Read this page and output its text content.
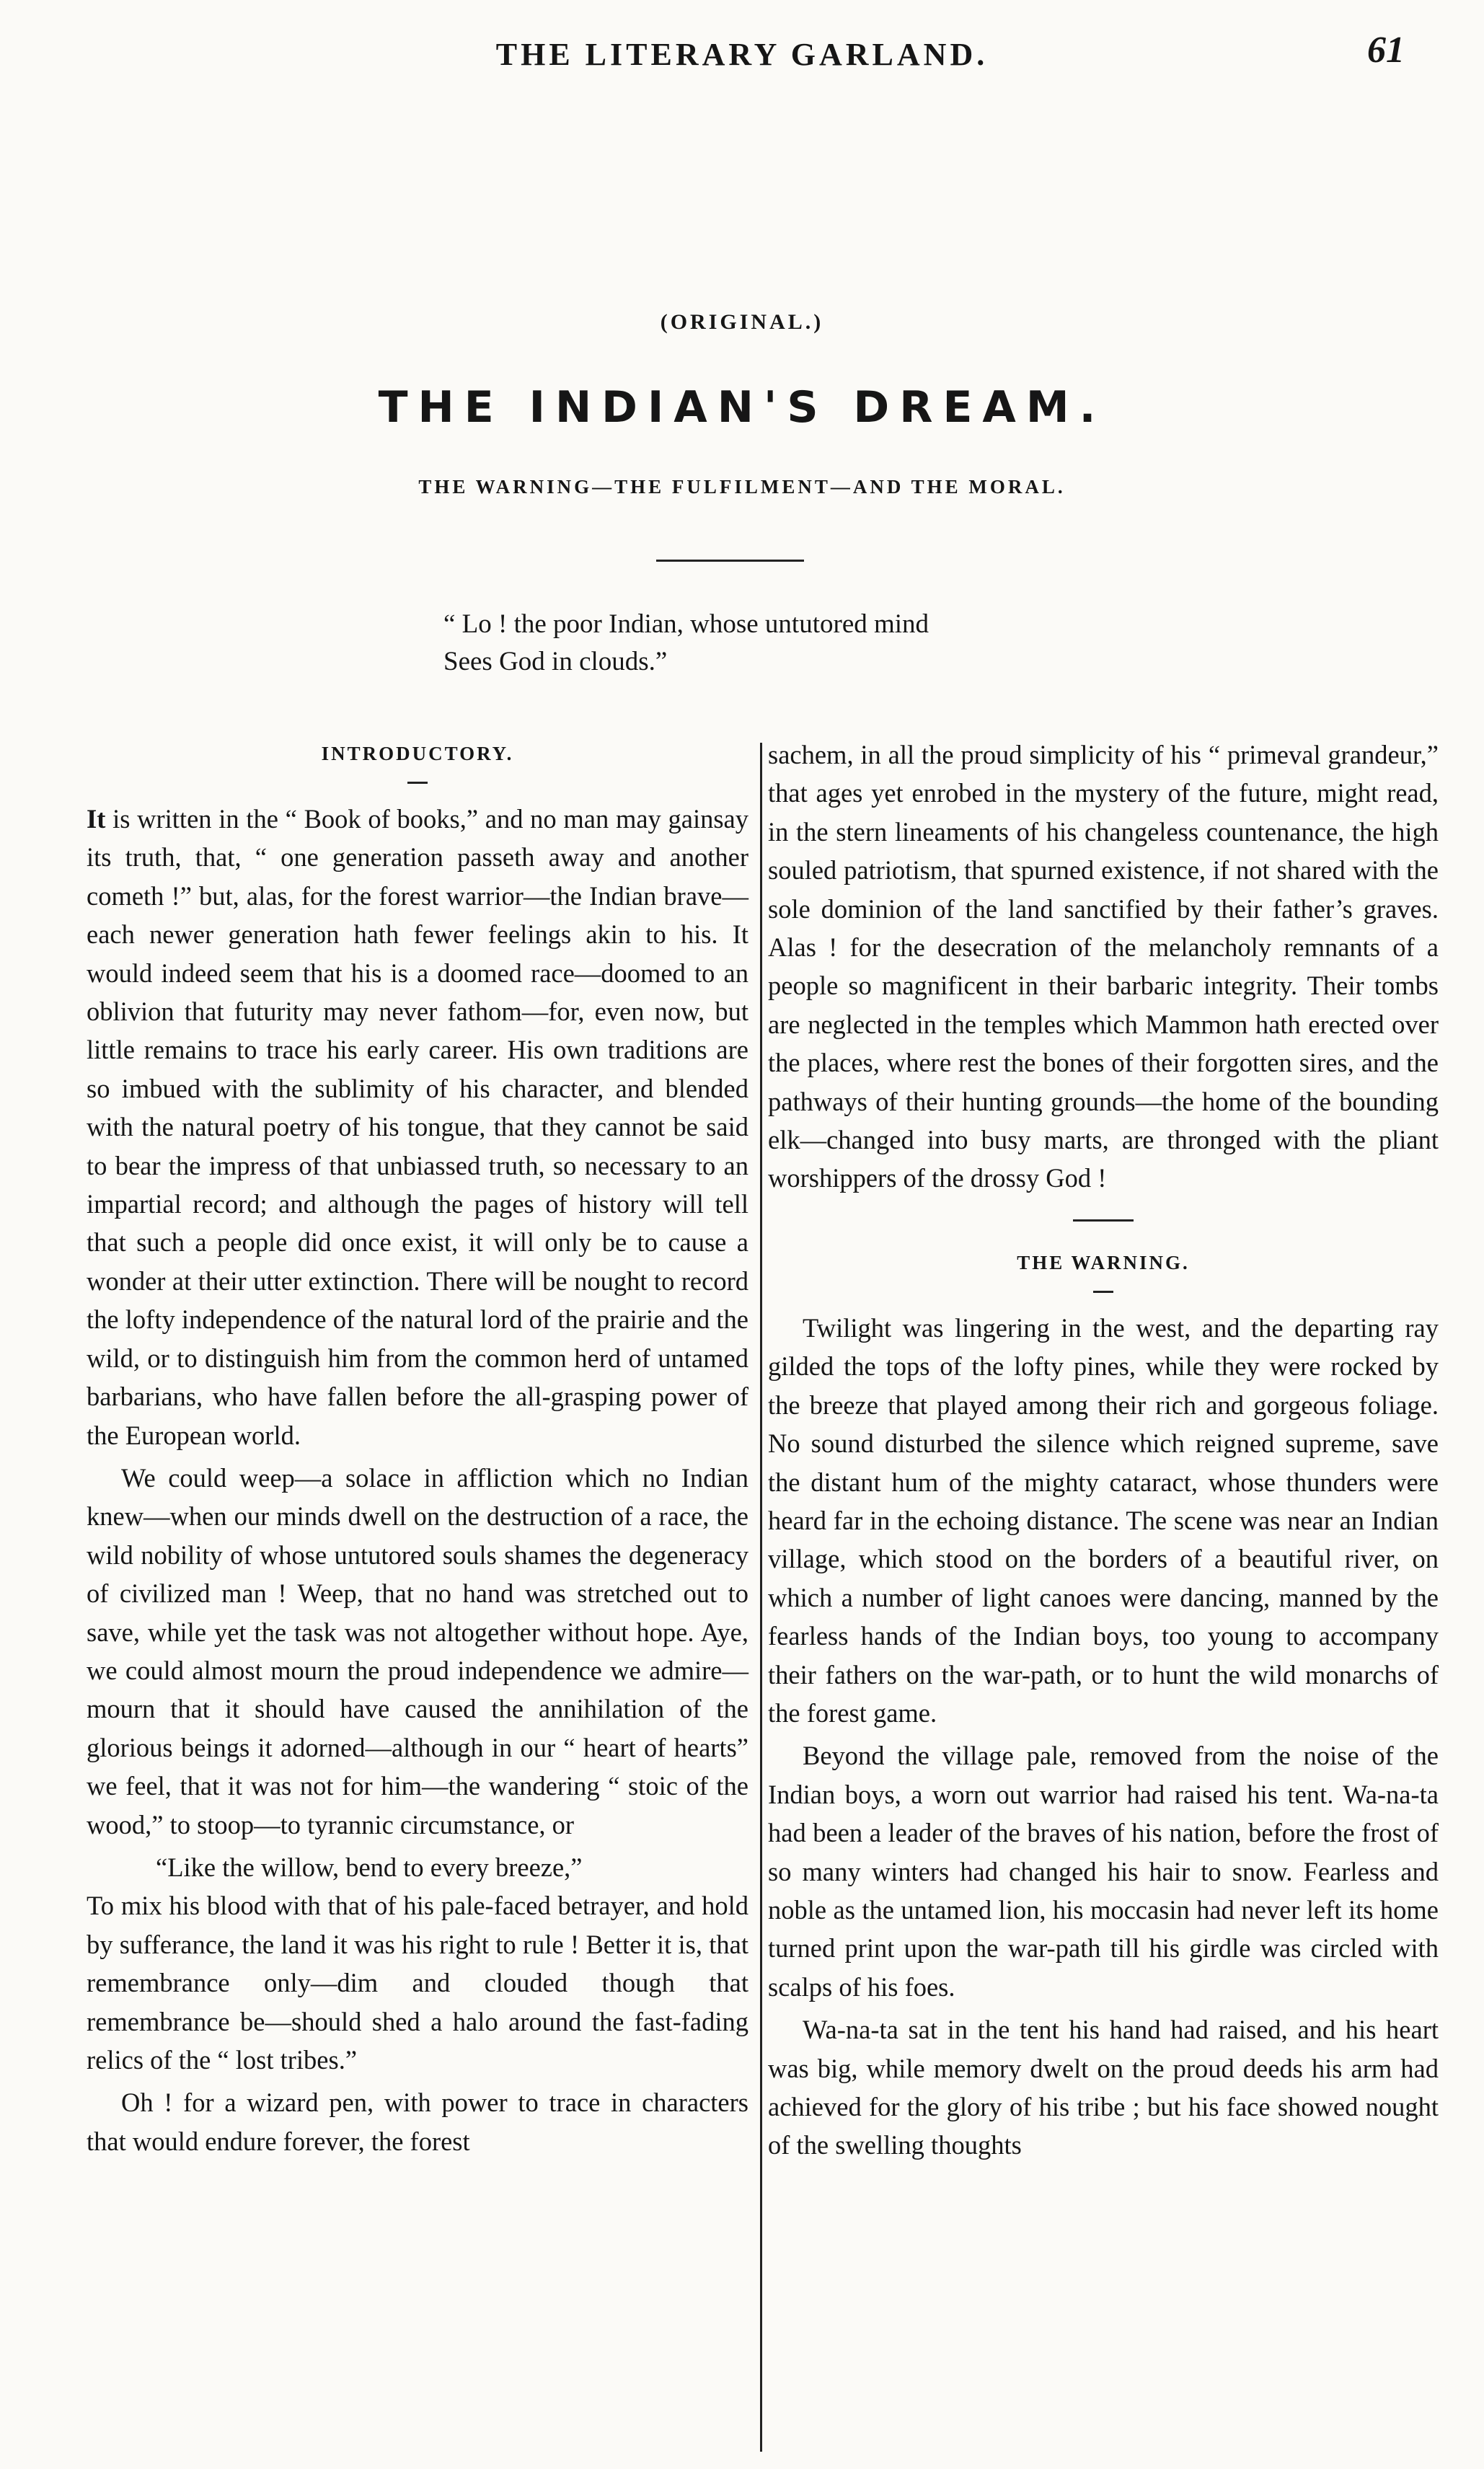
THE LITERARY GARLAND.	61
(ORIGINAL.)
THE INDIAN'S DREAM.
THE WARNING—THE FULFILMENT—AND THE MORAL.
“ Lo ! the poor Indian, whose untutored mind
Sees God in clouds.”
INTRODUCTORY.

It is written in the “ Book of books,” and no man may gainsay its truth, that, “ one generation passeth away and another cometh !” but, alas, for the forest warrior—the Indian brave—each newer generation hath fewer feelings akin to his. It would indeed seem that his is a doomed race—doomed to an oblivion that futurity may never fathom—for, even now, but little remains to trace his early career. His own traditions are so imbued with the sublimity of his character, and blended with the natural poetry of his tongue, that they cannot be said to bear the impress of that unbiassed truth, so necessary to an impartial record; and although the pages of history will tell that such a people did once exist, it will only be to cause a wonder at their utter extinction. There will be nought to record the lofty independence of the natural lord of the prairie and the wild, or to distinguish him from the common herd of untamed barbarians, who have fallen before the all-grasping power of the European world.

We could weep—a solace in affliction which no Indian knew—when our minds dwell on the destruction of a race, the wild nobility of whose untutored souls shames the degeneracy of civilized man ! Weep, that no hand was stretched out to save, while yet the task was not altogether without hope. Aye, we could almost mourn the proud independence we admire—mourn that it should have caused the annihilation of the glorious beings it adorned—although in our “ heart of hearts” we feel, that it was not for him—the wandering “ stoic of the wood,” to stoop—to tyrannic circumstance, or

“Like the willow, bend to every breeze,”

To mix his blood with that of his pale-faced betrayer, and hold by sufferance, the land it was his right to rule ! Better it is, that remembrance only—dim and clouded though that remembrance be—should shed a halo around the fast-fading relics of the “ lost tribes.”

Oh ! for a wizard pen, with power to trace in characters that would endure forever, the forest

sachem, in all the proud simplicity of his “ primeval grandeur,” that ages yet enrobed in the mystery of the future, might read, in the stern lineaments of his changeless countenance, the high souled patriotism, that spurned existence, if not shared with the sole dominion of the land sanctified by their father’s graves. Alas ! for the desecration of the melancholy remnants of a people so magnificent in their barbaric integrity. Their tombs are neglected in the temples which Mammon hath erected over the places, where rest the bones of their forgotten sires, and the pathways of their hunting grounds—the home of the bounding elk—changed into busy marts, are thronged with the pliant worshippers of the drossy God !

THE WARNING.

Twilight was lingering in the west, and the departing ray gilded the tops of the lofty pines, while they were rocked by the breeze that played among their rich and gorgeous foliage. No sound disturbed the silence which reigned supreme, save the distant hum of the mighty cataract, whose thunders were heard far in the echoing distance. The scene was near an Indian village, which stood on the borders of a beautiful river, on which a number of light canoes were dancing, manned by the fearless hands of the Indian boys, too young to accompany their fathers on the war-path, or to hunt the wild monarchs of the forest game.

Beyond the village pale, removed from the noise of the Indian boys, a worn out warrior had raised his tent. Wa-na-ta had been a leader of the braves of his nation, before the frost of so many winters had changed his hair to snow. Fearless and noble as the untamed lion, his moccasin had never left its home turned print upon the war-path till his girdle was circled with scalps of his foes.

Wa-na-ta sat in the tent his hand had raised, and his heart was big, while memory dwelt on the proud deeds his arm had achieved for the glory of his tribe ; but his face showed nought of the swelling thoughts
